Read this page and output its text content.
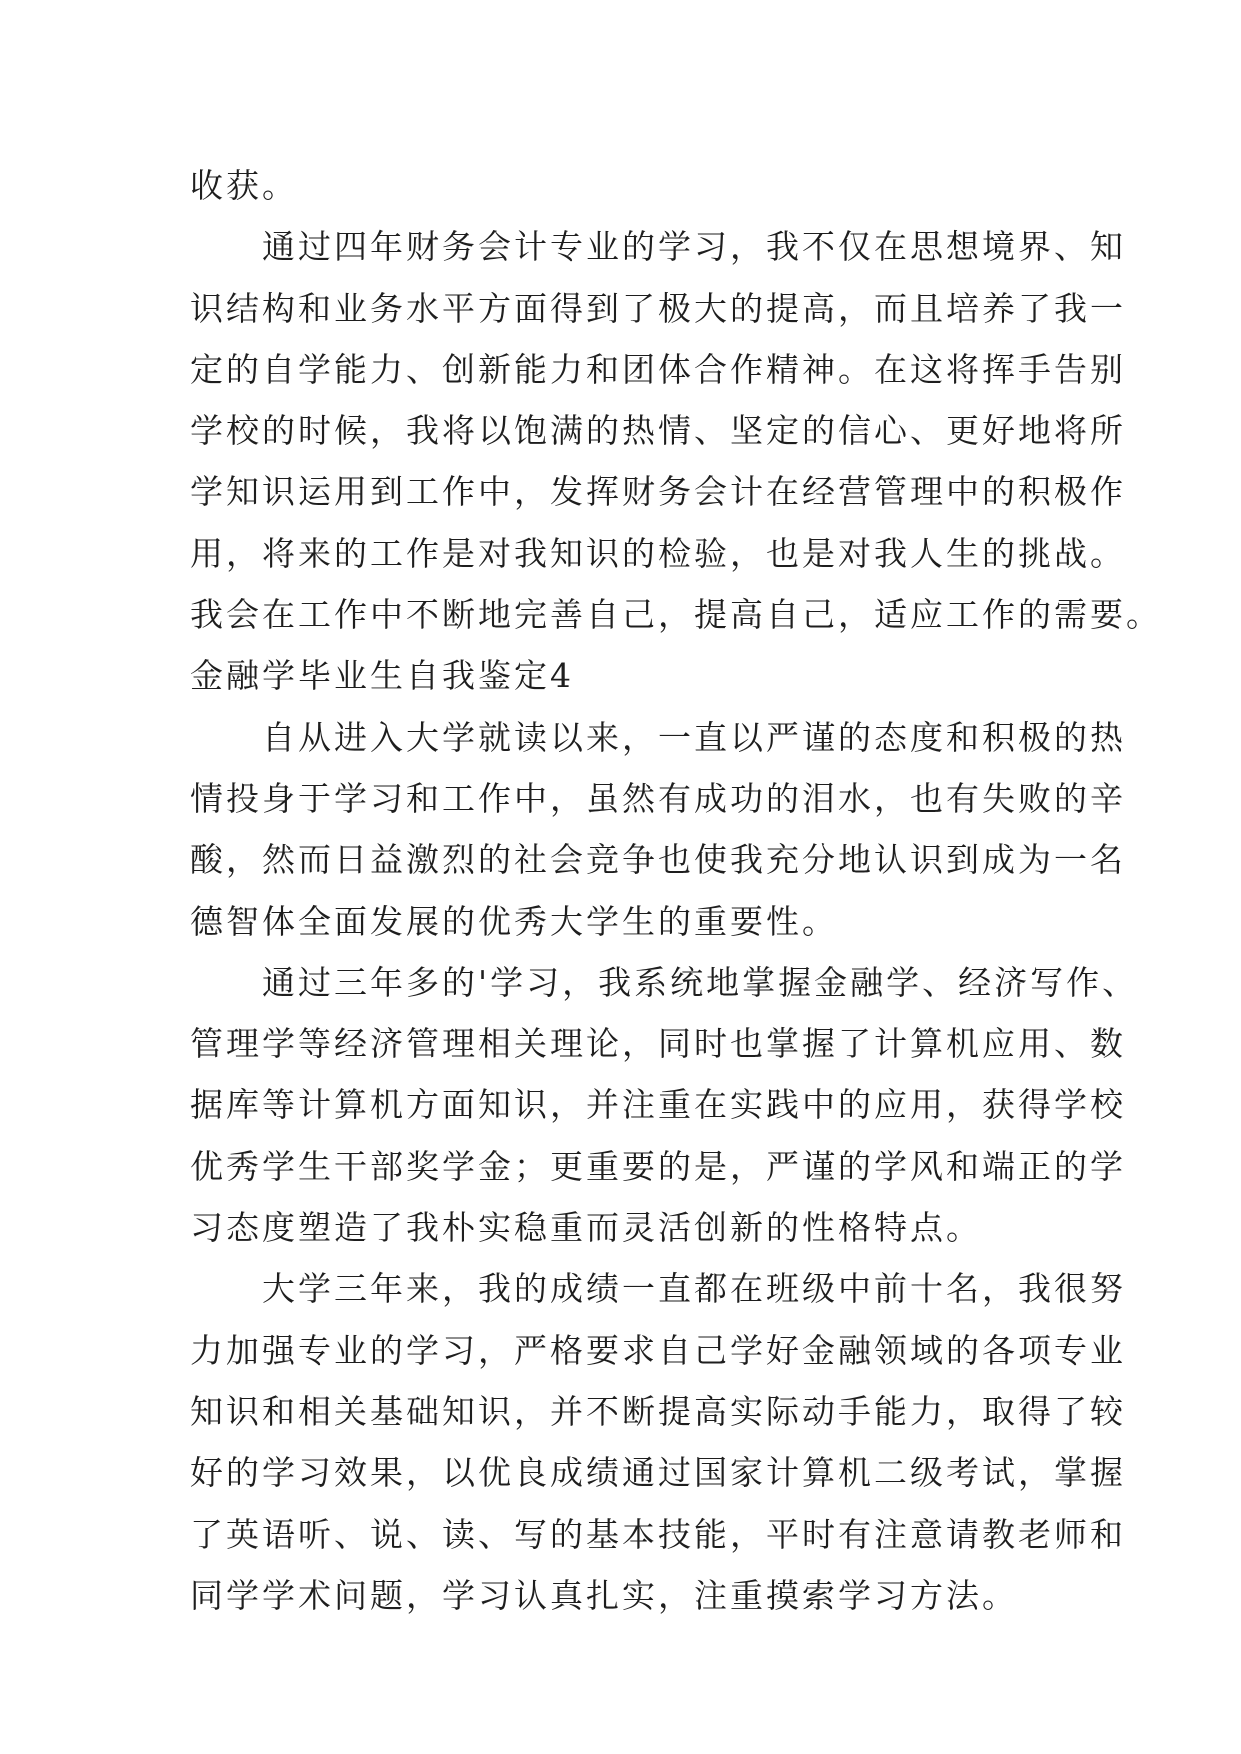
收获。
通过四年财务会计专业的学习，我不仅在思想境界、知
识结构和业务水平方面得到了极大的提高，而且培养了我一
定的自学能力、创新能力和团体合作精神。在这将挥手告别
学校的时候，我将以饱满的热情、坚定的信心、更好地将所
学知识运用到工作中，发挥财务会计在经营管理中的积极作
用，将来的工作是对我知识的检验，也是对我人生的挑战。
我会在工作中不断地完善自己，提高自己，适应工作的需要。
金融学毕业生自我鉴定4
自从进入大学就读以来，一直以严谨的态度和积极的热
情投身于学习和工作中，虽然有成功的泪水，也有失败的辛
酸，然而日益激烈的社会竞争也使我充分地认识到成为一名
德智体全面发展的优秀大学生的重要性。
通过三年多的'学习，我系统地掌握金融学、经济写作、
管理学等经济管理相关理论，同时也掌握了计算机应用、数
据库等计算机方面知识，并注重在实践中的应用，获得学校
优秀学生干部奖学金；更重要的是，严谨的学风和端正的学
习态度塑造了我朴实稳重而灵活创新的性格特点。
大学三年来，我的成绩一直都在班级中前十名，我很努
力加强专业的学习，严格要求自己学好金融领域的各项专业
知识和相关基础知识，并不断提高实际动手能力，取得了较
好的学习效果，以优良成绩通过国家计算机二级考试，掌握
了英语听、说、读、写的基本技能，平时有注意请教老师和
同学学术问题，学习认真扎实，注重摸索学习方法。
